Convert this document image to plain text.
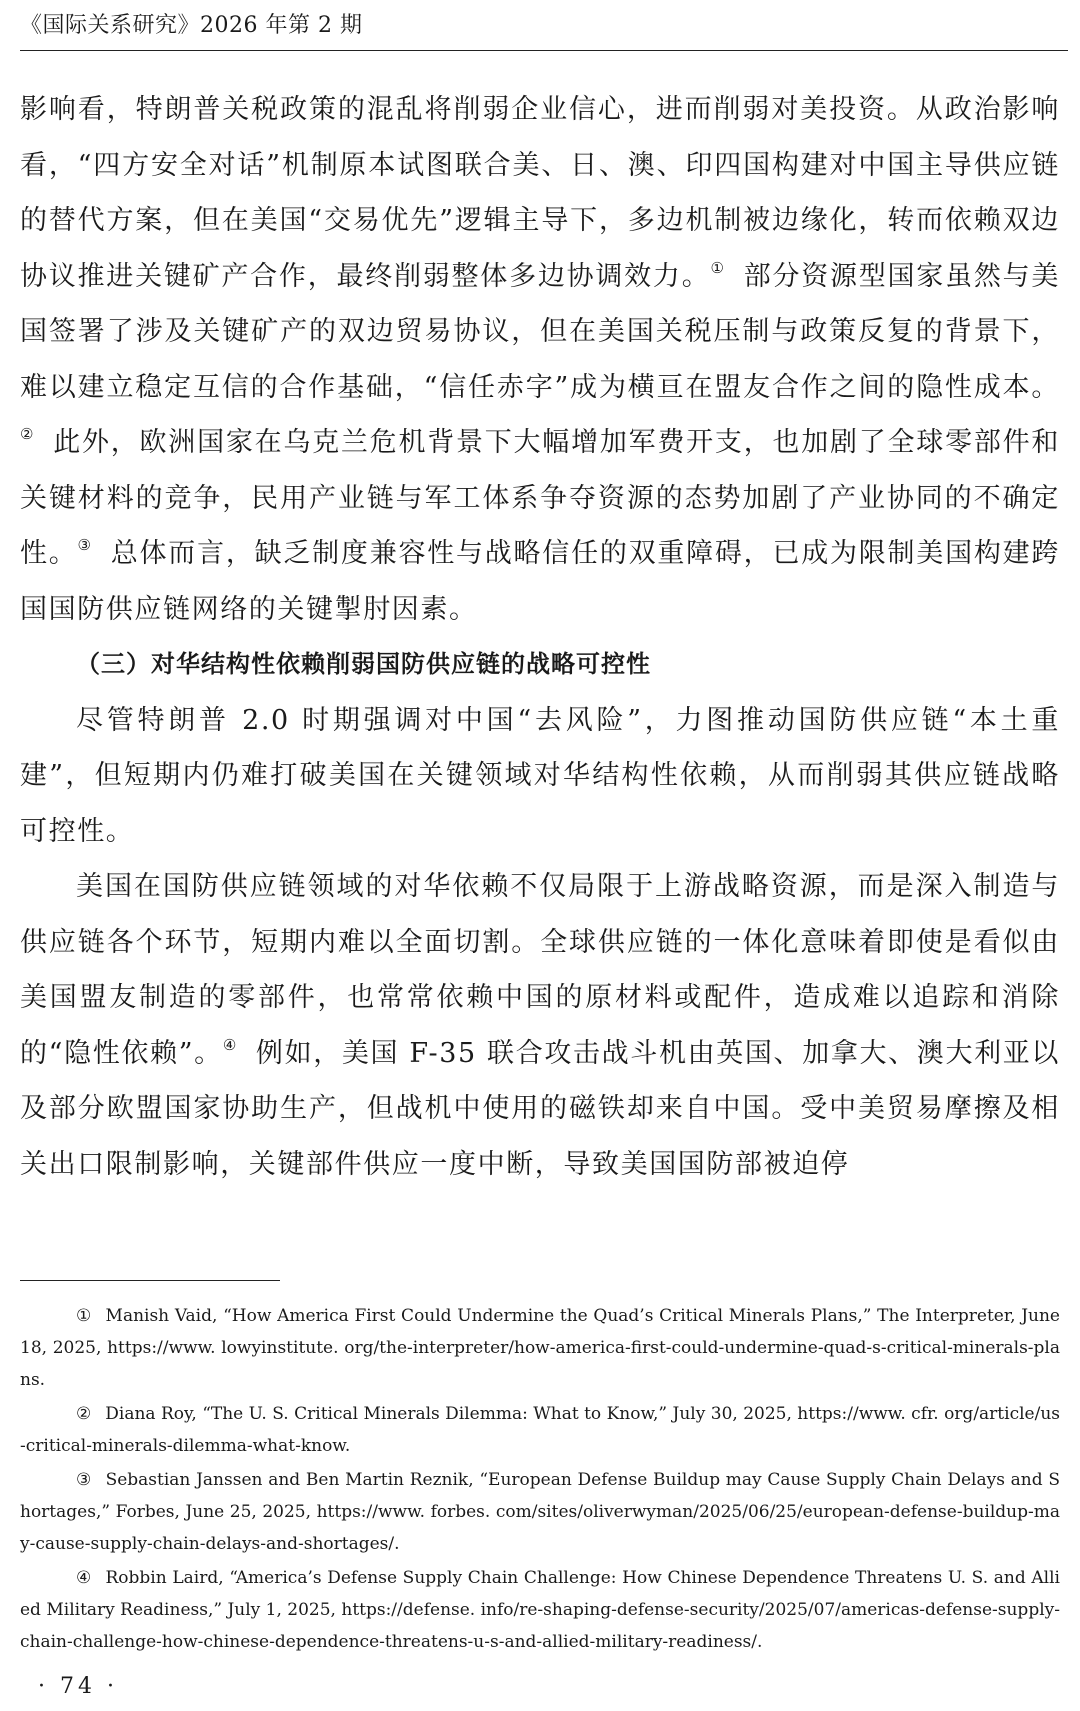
《国际关系研究》2026 年第 2 期

影响看，特朗普关税政策的混乱将削弱企业信心，进而削弱对美投资。从政治影响看，“四方安全对话”机制原本试图联合美、日、澳、印四国构建对中国主导供应链的替代方案，但在美国“交易优先”逻辑主导下，多边机制被边缘化，转而依赖双边协议推进关键矿产合作，最终削弱整体多边协调效力。① 部分资源型国家虽然与美国签署了涉及关键矿产的双边贸易协议，但在美国关税压制与政策反复的背景下，难以建立稳定互信的合作基础，“信任赤字”成为横亘在盟友合作之间的隐性成本。② 此外，欧洲国家在乌克兰危机背景下大幅增加军费开支，也加剧了全球零部件和关键材料的竞争，民用产业链与军工体系争夺资源的态势加剧了产业协同的不确定性。③ 总体而言，缺乏制度兼容性与战略信任的双重障碍，已成为限制美国构建跨国国防供应链网络的关键掣肘因素。

（三）对华结构性依赖削弱国防供应链的战略可控性

尽管特朗普 2.0 时期强调对中国“去风险”，力图推动国防供应链“本土重建”，但短期内仍难打破美国在关键领域对华结构性依赖，从而削弱其供应链战略可控性。

美国在国防供应链领域的对华依赖不仅局限于上游战略资源，而是深入制造与供应链各个环节，短期内难以全面切割。全球供应链的一体化意味着即使是看似由美国盟友制造的零部件，也常常依赖中国的原材料或配件，造成难以追踪和消除的“隐性依赖”。④ 例如，美国 F-35 联合攻击战斗机由英国、加拿大、澳大利亚以及部分欧盟国家协助生产，但战机中使用的磁铁却来自中国。受中美贸易摩擦及相关出口限制影响，关键部件供应一度中断，导致美国国防部被迫停

① Manish Vaid, “How America First Could Undermine the Quad’s Critical Minerals Plans,” The Interpreter, June 18, 2025, https://www. lowyinstitute. org/the-interpreter/how-america-first-could-undermine-quad-s-critical-minerals-plans.

② Diana Roy, “The U. S. Critical Minerals Dilemma: What to Know,” July 30, 2025, https://www. cfr. org/article/us-critical-minerals-dilemma-what-know.

③ Sebastian Janssen and Ben Martin Reznik, “European Defense Buildup may Cause Supply Chain Delays and Shortages,” Forbes, June 25, 2025, https://www. forbes. com/sites/oliverwyman/2025/06/25/european-defense-buildup-may-cause-supply-chain-delays-and-shortages/.

④ Robbin Laird, “America’s Defense Supply Chain Challenge: How Chinese Dependence Threatens U. S. and Allied Military Readiness,” July 1, 2025, https://defense. info/re-shaping-defense-security/2025/07/americas-defense-supply-chain-challenge-how-chinese-dependence-threatens-u-s-and-allied-military-readiness/.

· 74 ·
